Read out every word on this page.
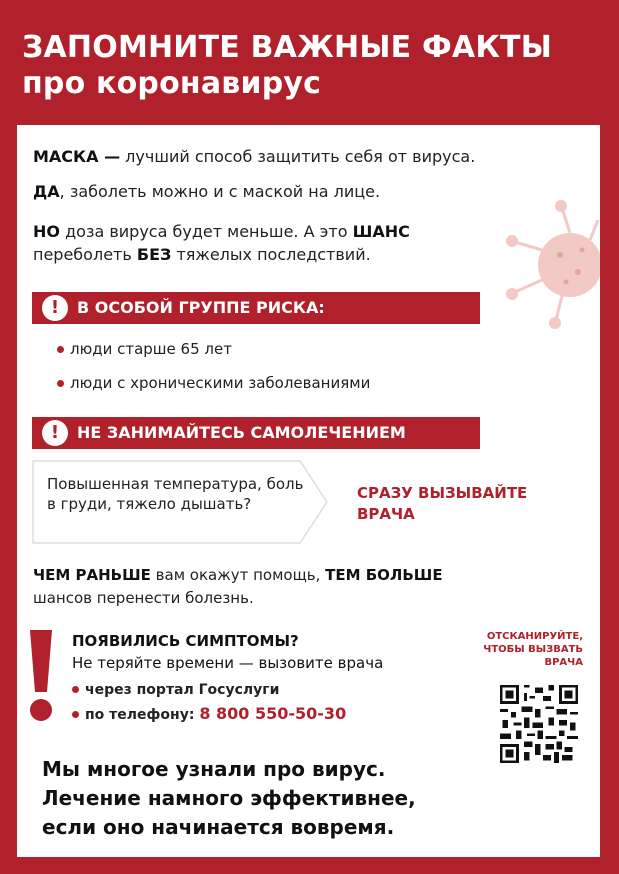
ЗАПОМНИТЕ ВАЖНЫЕ ФАКТЫ
про коронавирус
МАСКА — лучший способ защитить себя от вируса.
ДА, заболеть можно и с маской на лице.
НО доза вируса будет меньше. А это ШАНС
переболеть БЕЗ тяжелых последствий.
!	В ОСОБОЙ ГРУППЕ РИСКА:
люди старше 65 лет
люди с хроническими заболеваниями
!	НЕ ЗАНИМАЙТЕСЬ САМОЛЕЧЕНИЕМ
Повышенная температура, боль в груди, тяжело дышать?
СРАЗУ ВЫЗЫВАЙТЕ
ВРАЧА
ЧЕМ РАНЬШЕ вам окажут помощь, ТЕМ БОЛЬШЕ
шансов перенести болезнь.
ПОЯВИЛИСЬ СИМПТОМЫ?
Не теряйте времени — вызовите врача
через портал Госуслуги
по телефону: 8 800 550-50-30
ОТСКАНИРУЙТЕ,
ЧТОБЫ ВЫЗВАТЬ
ВРАЧА
Мы многое узнали про вирус.
Лечение намного эффективнее,
если оно начинается вовремя.
